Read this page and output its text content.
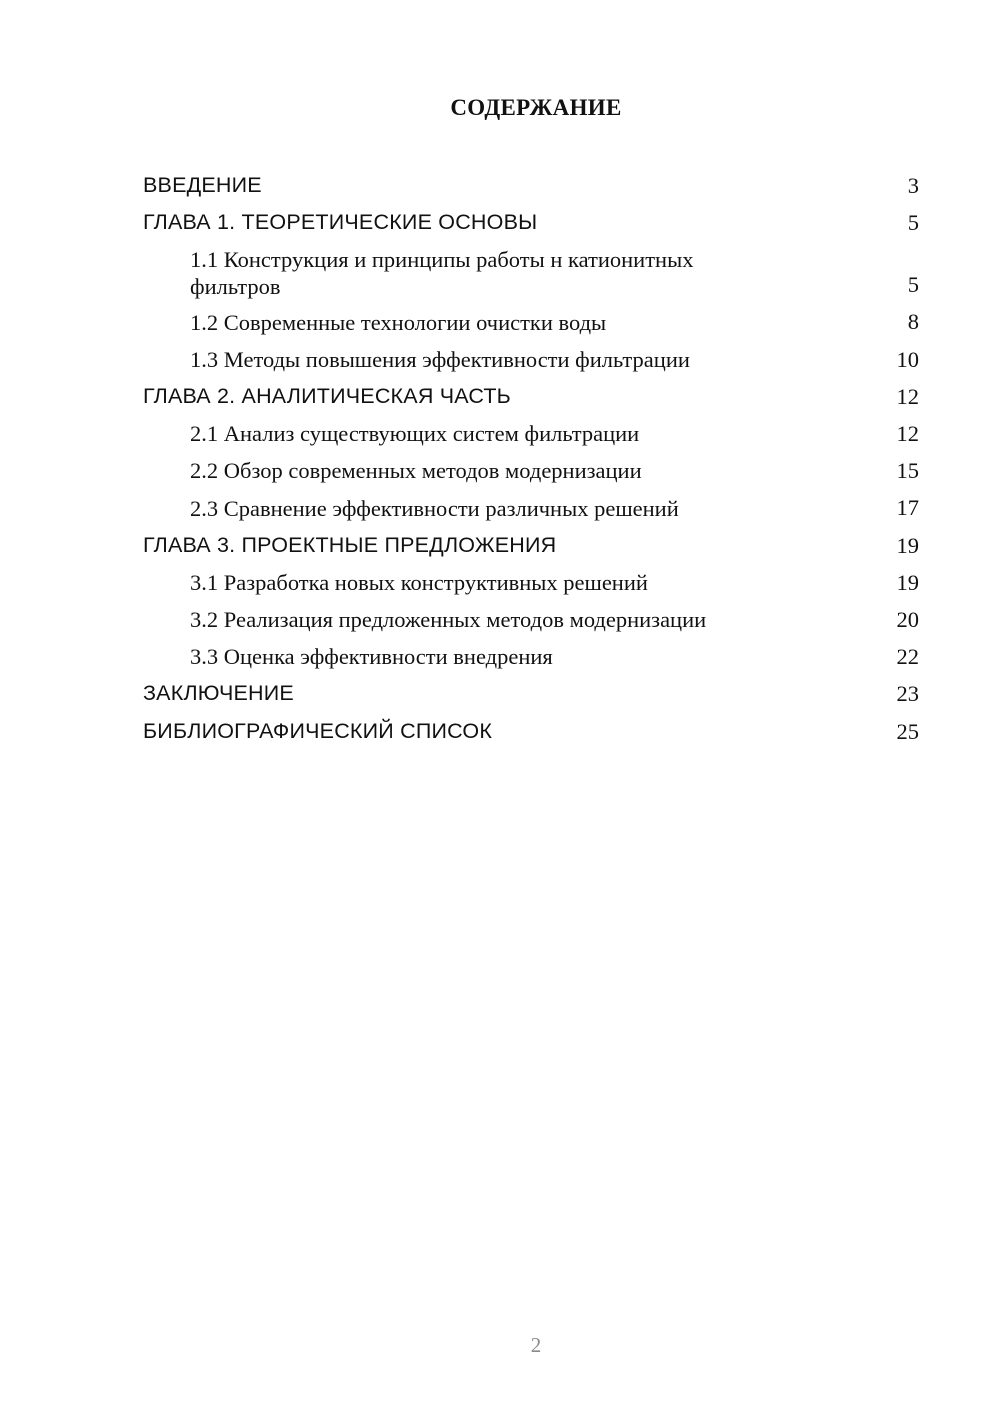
СОДЕРЖАНИЕ
ВВЕДЕНИЕ	3
ГЛАВА 1. ТЕОРЕТИЧЕСКИЕ ОСНОВЫ	5
1.1 Конструкция и принципы работы н катионитных фильтров	5
1.2 Современные технологии очистки воды	8
1.3 Методы повышения эффективности фильтрации	10
ГЛАВА 2. АНАЛИТИЧЕСКАЯ ЧАСТЬ	12
2.1 Анализ существующих систем фильтрации	12
2.2 Обзор современных методов модернизации	15
2.3 Сравнение эффективности различных решений	17
ГЛАВА 3. ПРОЕКТНЫЕ ПРЕДЛОЖЕНИЯ	19
3.1 Разработка новых конструктивных решений	19
3.2 Реализация предложенных методов модернизации	20
3.3 Оценка эффективности внедрения	22
ЗАКЛЮЧЕНИЕ	23
БИБЛИОГРАФИЧЕСКИЙ СПИСОК	25
2
